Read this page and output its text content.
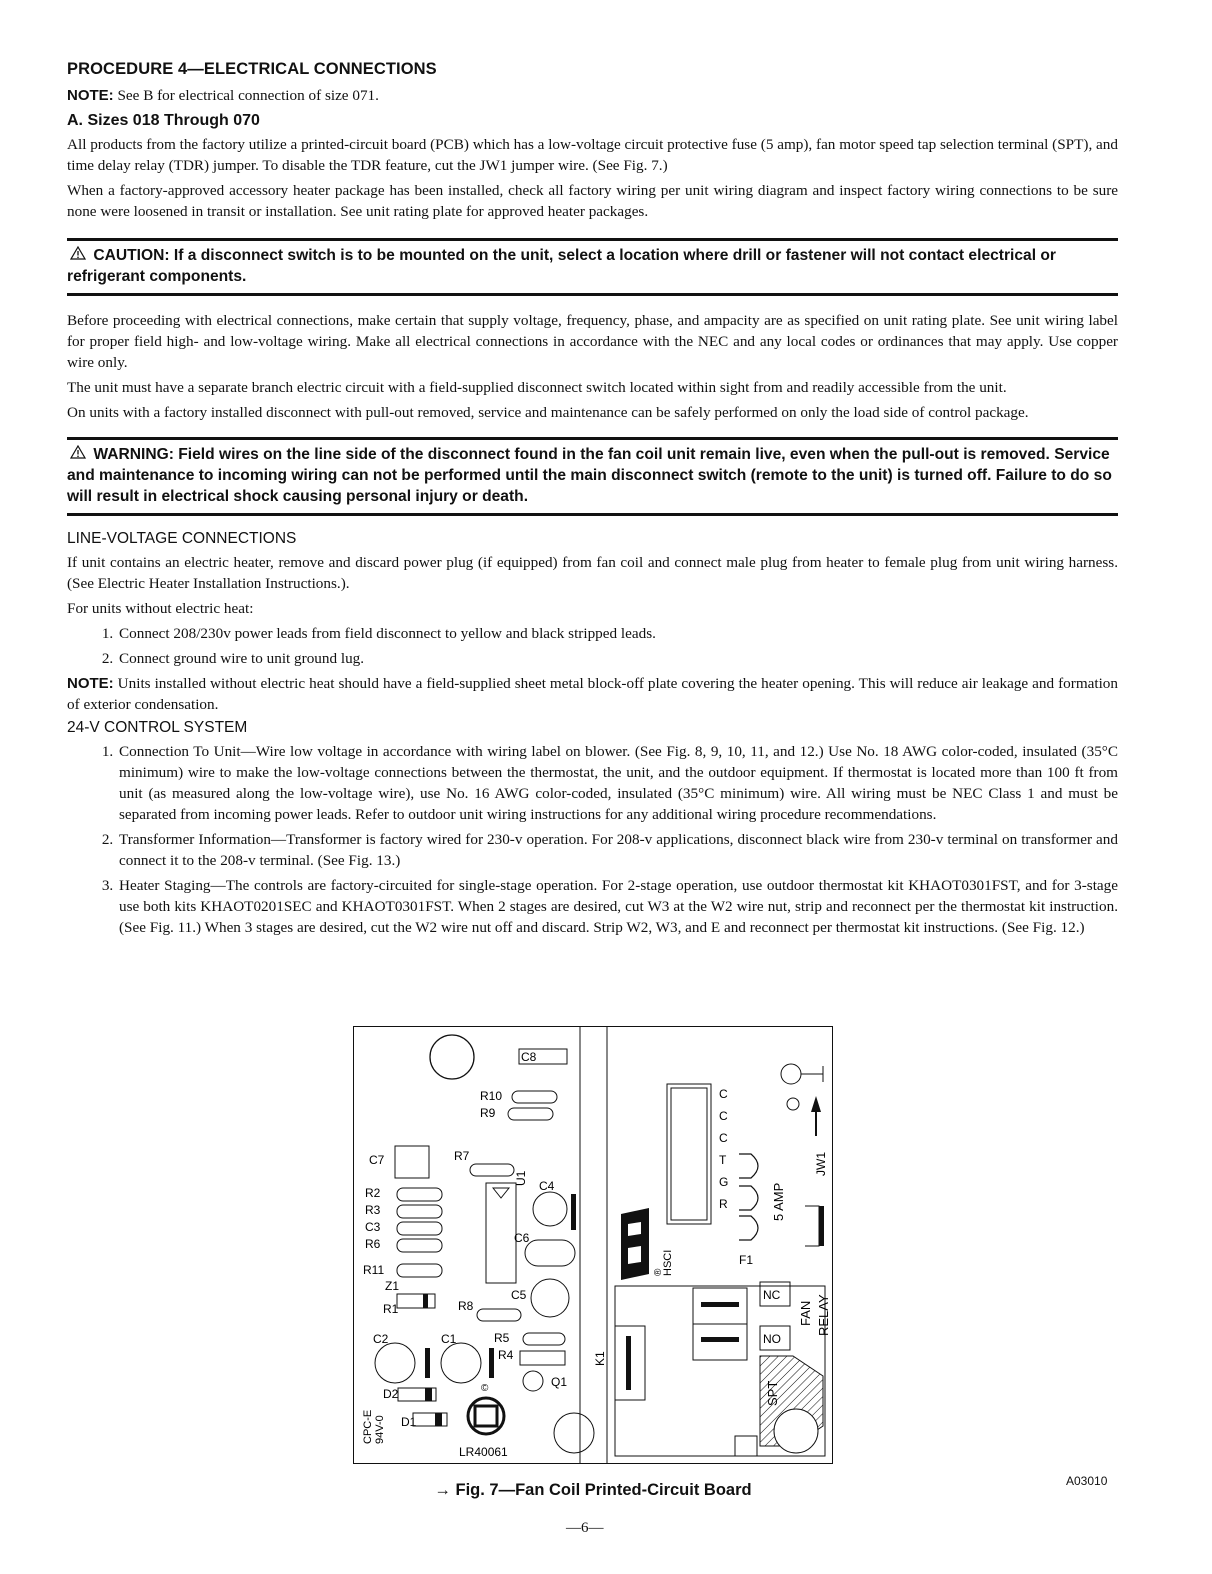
PROCEDURE 4—ELECTRICAL CONNECTIONS

NOTE: See B for electrical connection of size 071.

A. Sizes 018 Through 070

All products from the factory utilize a printed-circuit board (PCB) which has a low-voltage circuit protective fuse (5 amp), fan motor speed tap selection terminal (SPT), and time delay relay (TDR) jumper. To disable the TDR feature, cut the JW1 jumper wire. (See Fig. 7.)

When a factory-approved accessory heater package has been installed, check all factory wiring per unit wiring diagram and inspect factory wiring connections to be sure none were loosened in transit or installation. See unit rating plate for approved heater packages.

CAUTION: If a disconnect switch is to be mounted on the unit, select a location where drill or fastener will not contact electrical or refrigerant components.

Before proceeding with electrical connections, make certain that supply voltage, frequency, phase, and ampacity are as specified on unit rating plate. See unit wiring label for proper field high- and low-voltage wiring. Make all electrical connections in accordance with the NEC and any local codes or ordinances that may apply. Use copper wire only.

The unit must have a separate branch electric circuit with a field-supplied disconnect switch located within sight from and readily accessible from the unit.

On units with a factory installed disconnect with pull-out removed, service and maintenance can be safely performed on only the load side of control package.

WARNING: Field wires on the line side of the disconnect found in the fan coil unit remain live, even when the pull-out is removed. Service and maintenance to incoming wiring can not be performed until the main disconnect switch (remote to the unit) is turned off. Failure to do so will result in electrical shock causing personal injury or death.
LINE-VOLTAGE CONNECTIONS

If unit contains an electric heater, remove and discard power plug (if equipped) from fan coil and connect male plug from heater to female plug from unit wiring harness. (See Electric Heater Installation Instructions.).

For units without electric heat:

1. Connect 208/230v power leads from field disconnect to yellow and black stripped leads.
2. Connect ground wire to unit ground lug.

NOTE: Units installed without electric heat should have a field-supplied sheet metal block-off plate covering the heater opening. This will reduce air leakage and formation of exterior condensation.

24-V CONTROL SYSTEM
1. Connection To Unit—Wire low voltage in accordance with wiring label on blower. (See Fig. 8, 9, 10, 11, and 12.) Use No. 18 AWG color-coded, insulated (35°C minimum) wire to make the low-voltage connections between the thermostat, the unit, and the outdoor equipment. If thermostat is located more than 100 ft from unit (as measured along the low-voltage wire), use No. 16 AWG color-coded, insulated (35°C minimum) wire. All wiring must be NEC Class 1 and must be separated from incoming power leads. Refer to outdoor unit wiring instructions for any additional wiring procedure recommendations.
2. Transformer Information—Transformer is factory wired for 230-v operation. For 208-v applications, disconnect black wire from 230-v terminal on transformer and connect it to the 208-v terminal. (See Fig. 13.)
3. Heater Staging—The controls are factory-circuited for single-stage operation. For 2-stage operation, use outdoor thermostat kit KHAOT0301FST, and for 3-stage use both kits KHAOT0201SEC and KHAOT0301FST. When 2 stages are desired, cut W3 at the W2 wire nut, strip and reconnect per the thermostat kit instruction. (See Fig. 11.) When 3 stages are desired, cut the W2 wire nut off and discard. Strip W2, W3, and E and reconnect per thermostat kit instructions. (See Fig. 12.)
C8
R10
R9
C7	R7
R2
R3
C3
R6
R11
U1 C4
C6
C5
Z1
R1	R8
C2	C1	R5
R4
Q1
D2
D1
CPC-E 94V-0
©
LR40061
K1
C
C
C
T
G
R	5 AMP
F1
JW1
HSCI
®
NC
NO
FAN RELAY
SPT
→ Fig. 7—Fan Coil Printed-Circuit Board	A03010
—6—
